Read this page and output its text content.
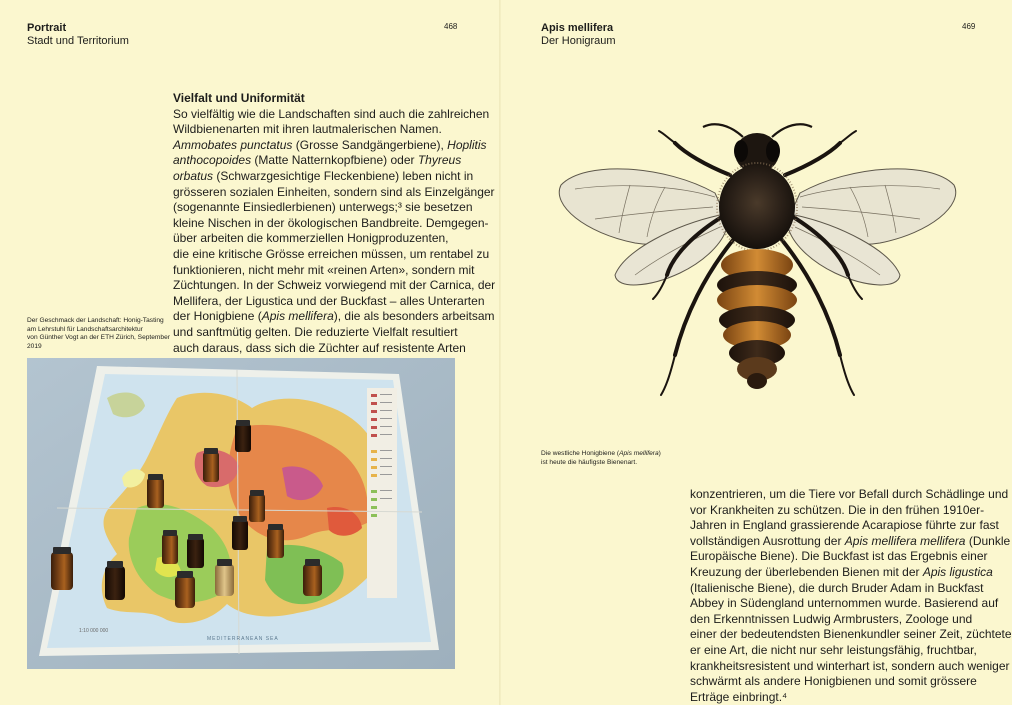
Portrait
Stadt und Territorium
468
Vielfalt und Uniformität
So vielfältig wie die Landschaften sind auch die zahlreichen
Wildbienenarten mit ihren lautmalerischen Namen.
Ammobates punctatus (Grosse Sandgängerbiene), Hoplitis
anthocopoides (Matte Natternkopfbiene) oder Thyreus
orbatus (Schwarzgesichtige Fleckenbiene) leben nicht in
grösseren sozialen Einheiten, sondern sind als Einzelgänger
(sogenannte Einsiedlerbienen) unterwegs;³ sie besetzen
kleine Nischen in der ökologischen Bandbreite. Demgegen-
über arbeiten die kommerziellen Honigproduzenten,
die eine kritische Grösse erreichen müssen, um rentabel zu
funktionieren, nicht mehr mit «reinen Arten», sondern mit
Züchtungen. In der Schweiz vorwiegend mit der Carnica, der
Mellifera, der Ligustica und der Buckfast – alles Unterarten
der Honigbiene (Apis mellifera), die als besonders arbeitsam
und sanftmütig gelten. Die reduzierte Vielfalt resultiert
auch daraus, dass sich die Züchter auf resistente Arten
Der Geschmack der Landschaft: Honig-Tasting
am Lehrstuhl für Landschaftsarchitektur
von Günther Vogt an der ETH Zürich, September
2019
1:10 000 000
MEDITERRANEAN SEA
Apis mellifera
Der Honigraum
469
Die westliche Honigbiene (Apis mellifera)
ist heute die häufigste Bienenart.
konzentrieren, um die Tiere vor Befall durch Schädlinge und
vor Krankheiten zu schützen. Die in den frühen 1910er-
Jahren in England grassierende Acarapiose führte zur fast
vollständigen Ausrottung der Apis mellifera mellifera (Dunkle
Europäische Biene). Die Buckfast ist das Ergebnis einer
Kreuzung der überlebenden Bienen mit der Apis ligustica
(Italienische Biene), die durch Bruder Adam in Buckfast
Abbey in Südengland unternommen wurde. Basierend auf
den Erkenntnissen Ludwig Armbrusters, Zoologe und
einer der bedeutendsten Bienenkundler seiner Zeit, züchtete
er eine Art, die nicht nur sehr leistungsfähig, fruchtbar,
krankheitsresistent und winterhart ist, sondern auch weniger
schwärmt als andere Honigbienen und somit grössere
Erträge einbringt.⁴
